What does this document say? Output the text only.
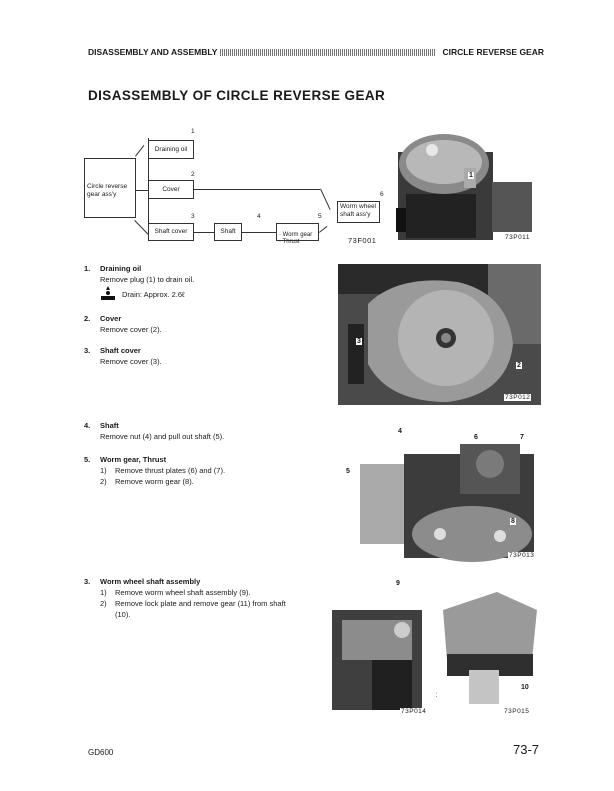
DISASSEMBLY AND ASSEMBLY	CIRCLE REVERSE GEAR
DISASSEMBLY OF CIRCLE REVERSE GEAR
Circle reverse gear ass'y
Draining oil
Cover
Shaft cover	Shaft	· Worm gear
· Thrust

Worm wheel shaft ass'y
1
2
3	4	5
6
73F001
1
73P011
3
2
73P012
4
6	7
5
8
73P013
9
73P014
10
73P015
1. Draining oil
Remove plug (1) to drain oil.
Drain: Approx. 2.6ℓ
2. Cover
Remove cover (2).
3. Shaft cover
Remove cover (3).
4. Shaft
Remove nut (4) and pull out shaft (5).
5. Worm gear, Thrust
1) Remove thrust plates (6) and (7).
2) Remove worm gear (8).
3. Worm wheel shaft assembly
1) Remove worm wheel shaft assembly (9).
2) Remove lock plate and remove gear (11) from shaft
(10).
GD600	73-7
